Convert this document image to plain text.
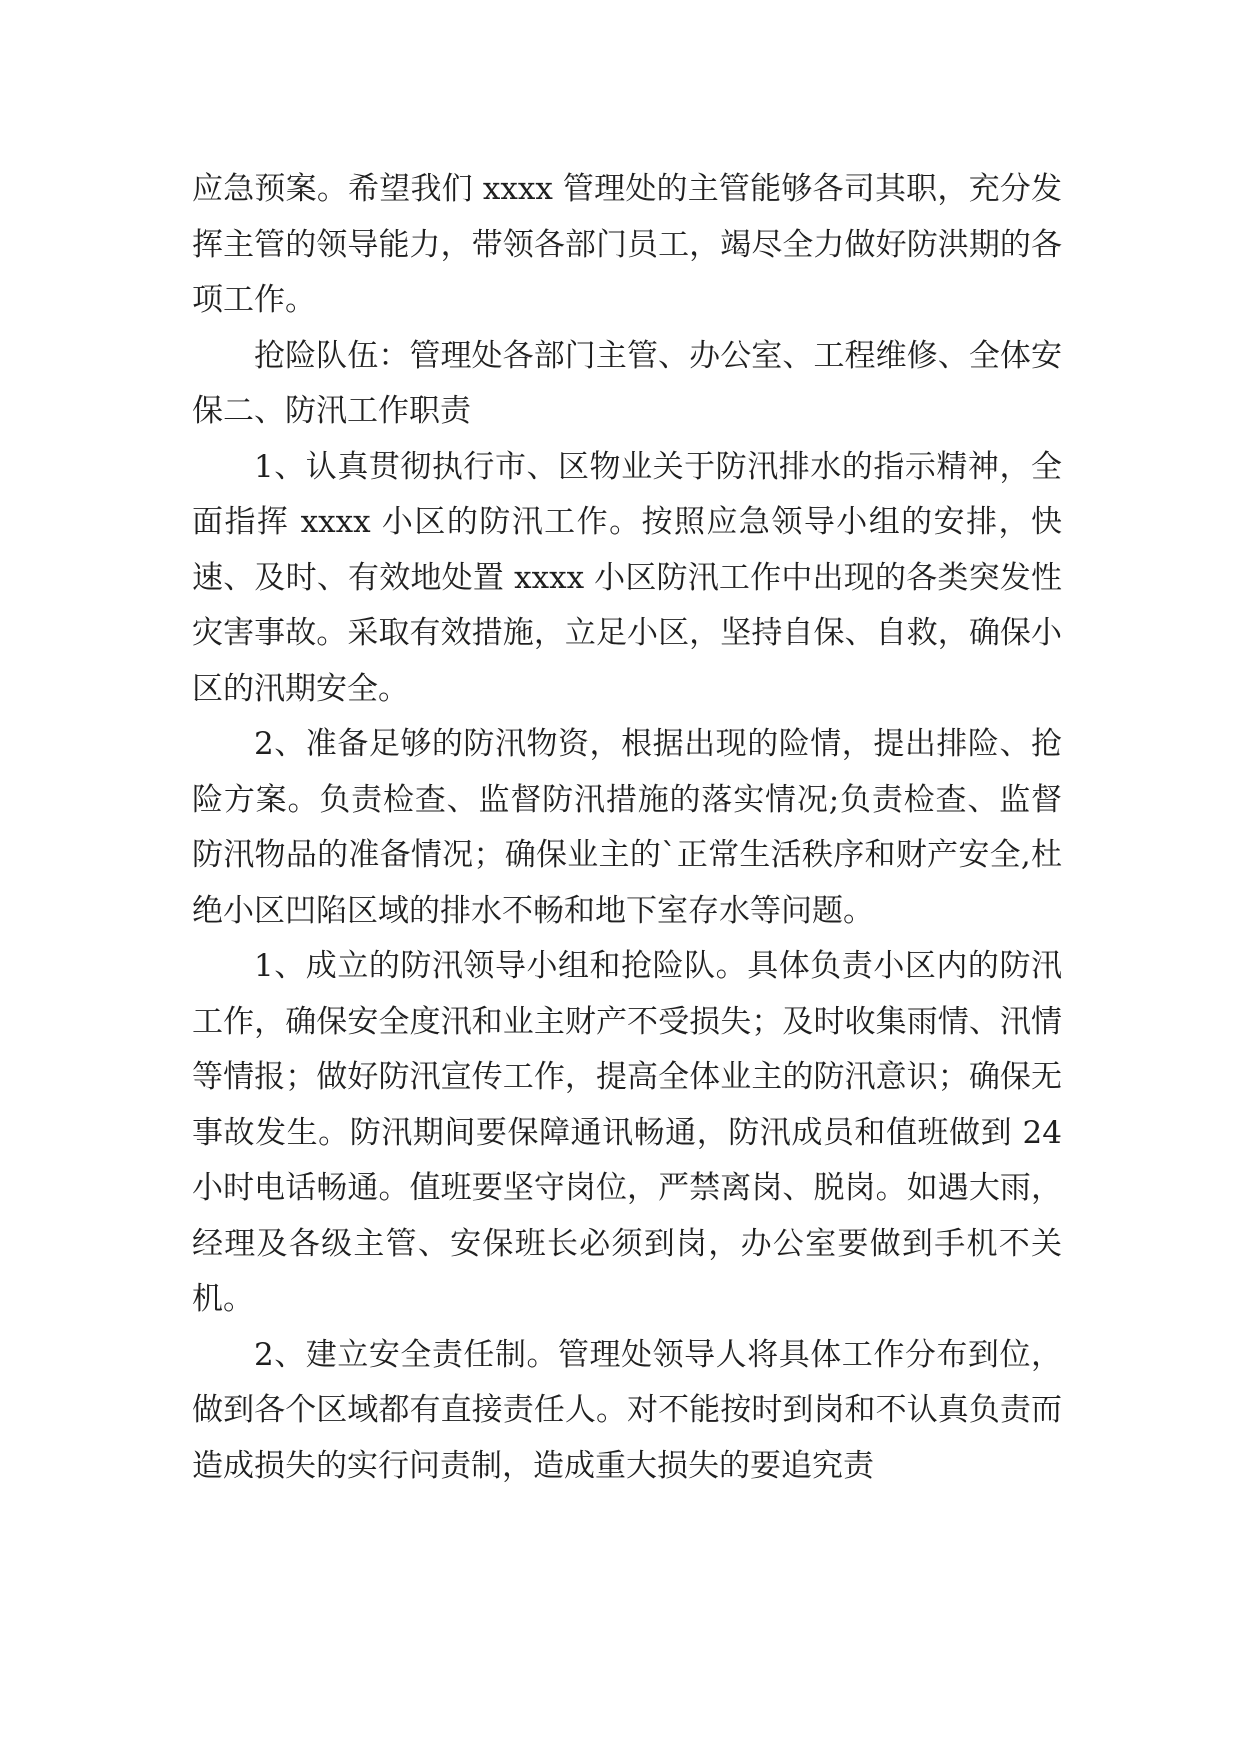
应急预案。希望我们 xxxx 管理处的主管能够各司其职，充分发挥主管的领导能力，带领各部门员工，竭尽全力做好防洪期的各项工作。

抢险队伍：管理处各部门主管、办公室、工程维修、全体安保二、防汛工作职责

1、认真贯彻执行市、区物业关于防汛排水的指示精神，全面指挥 xxxx 小区的防汛工作。按照应急领导小组的安排，快速、及时、有效地处置 xxxx 小区防汛工作中出现的各类突发性灾害事故。采取有效措施，立足小区，坚持自保、自救，确保小区的汛期安全。

2、准备足够的防汛物资，根据出现的险情，提出排险、抢险方案。负责检查、监督防汛措施的落实情况;负责检查、监督防汛物品的准备情况；确保业主的`正常生活秩序和财产安全,杜绝小区凹陷区域的排水不畅和地下室存水等问题。

1、成立的防汛领导小组和抢险队。具体负责小区内的防汛工作，确保安全度汛和业主财产不受损失；及时收集雨情、汛情等情报；做好防汛宣传工作，提高全体业主的防汛意识；确保无事故发生。防汛期间要保障通讯畅通，防汛成员和值班做到 24 小时电话畅通。值班要坚守岗位，严禁离岗、脱岗。如遇大雨，经理及各级主管、安保班长必须到岗，办公室要做到手机不关机。

2、建立安全责任制。管理处领导人将具体工作分布到位，做到各个区域都有直接责任人。对不能按时到岗和不认真负责而造成损失的实行问责制，造成重大损失的要追究责
